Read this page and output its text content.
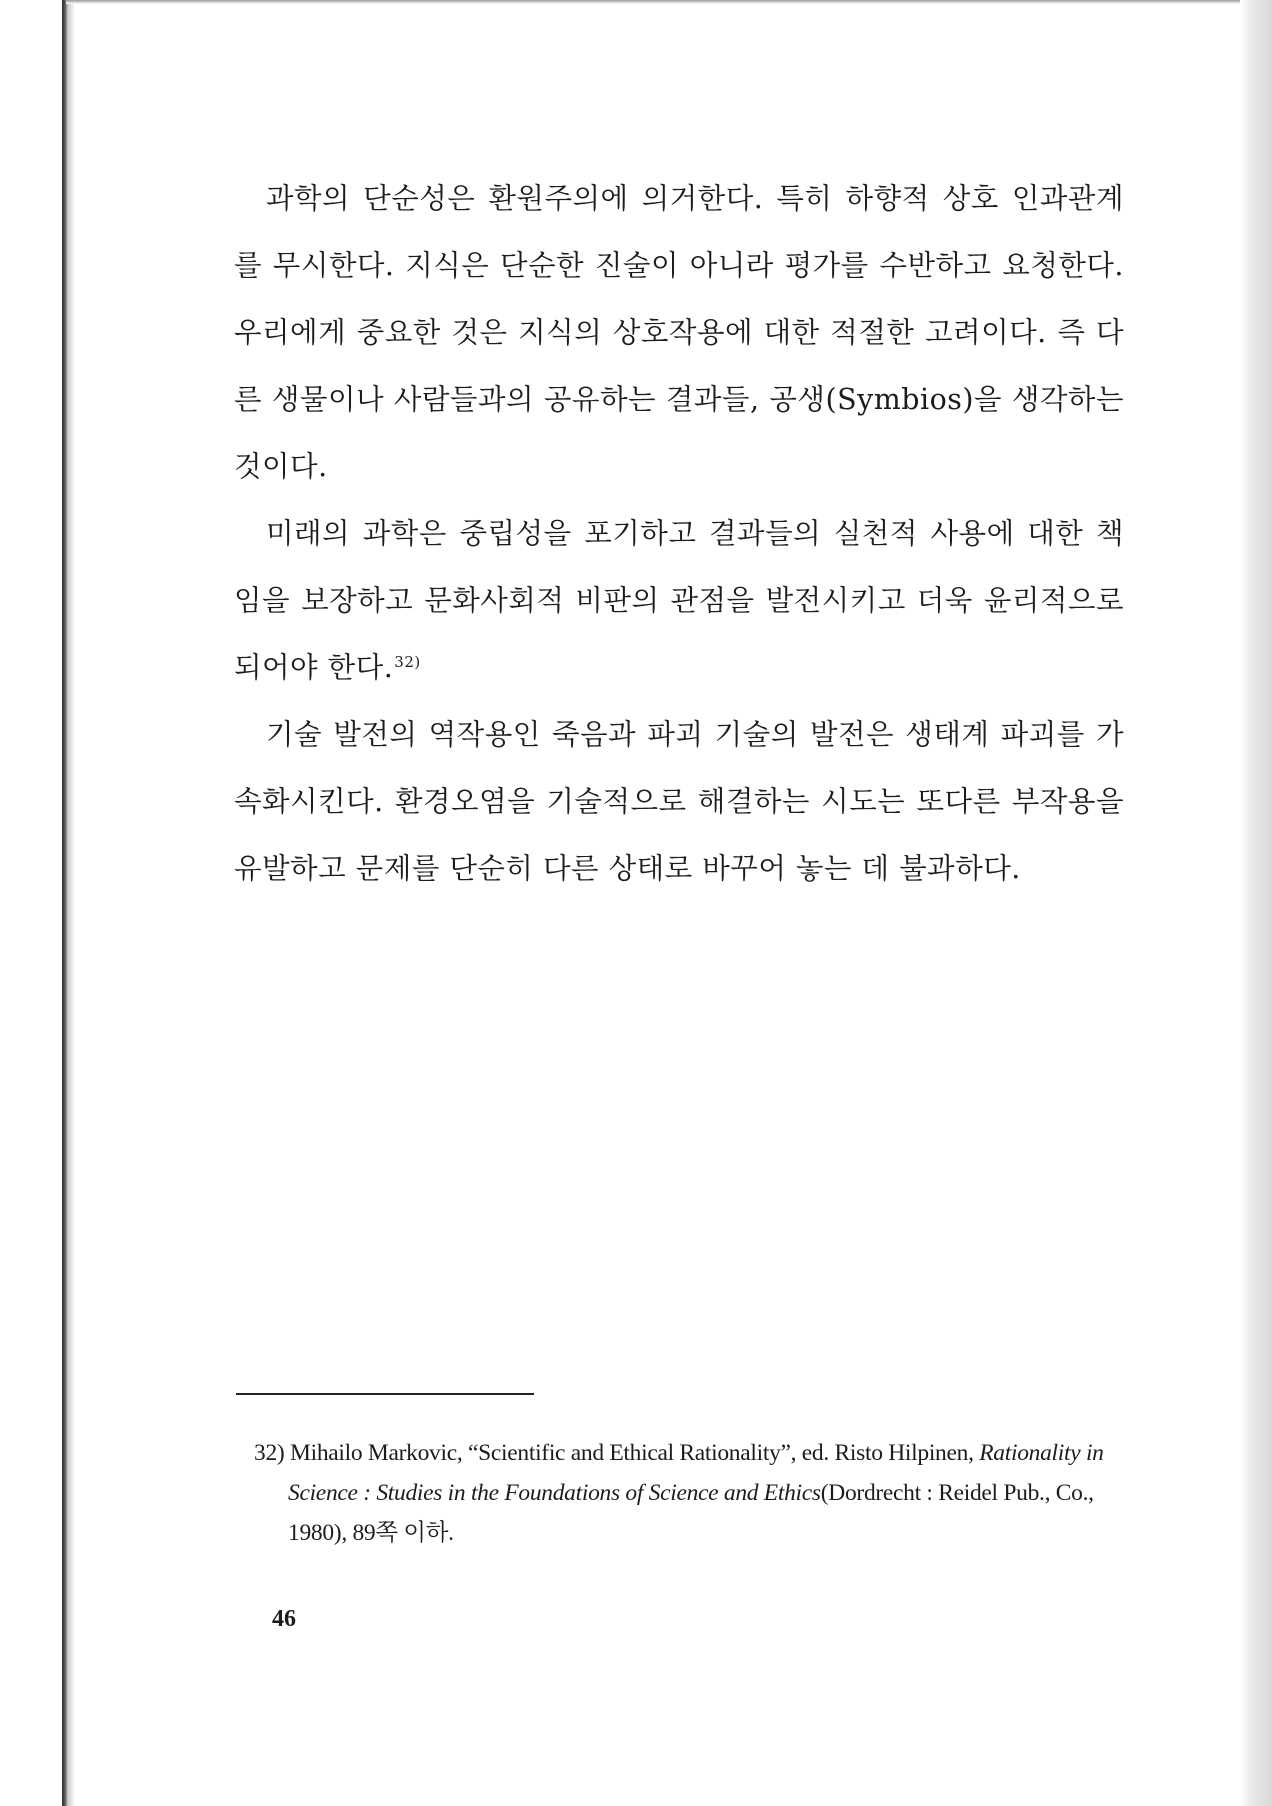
과학의 단순성은 환원주의에 의거한다. 특히 하향적 상호 인과관계를 무시한다. 지식은 단순한 진술이 아니라 평가를 수반하고 요청한다. 우리에게 중요한 것은 지식의 상호작용에 대한 적절한 고려이다. 즉 다른 생물이나 사람들과의 공유하는 결과들, 공생(Symbios)을 생각하는 것이다.

미래의 과학은 중립성을 포기하고 결과들의 실천적 사용에 대한 책임을 보장하고 문화사회적 비판의 관점을 발전시키고 더욱 윤리적으로 되어야 한다.$^{32)}$

기술 발전의 역작용인 죽음과 파괴 기술의 발전은 생태계 파괴를 가속화시킨다. 환경오염을 기술적으로 해결하는 시도는 또다른 부작용을 유발하고 문제를 단순히 다른 상태로 바꾸어 놓는 데 불과하다.

32) Mihailo Markovic, “Scientific and Ethical Rationality”, ed. Risto Hilpinen, Rationality in Science : Studies in the Foundations of Science and Ethics(Dordrecht : Reidel Pub., Co., 1980), 89쪽 이하.

46
